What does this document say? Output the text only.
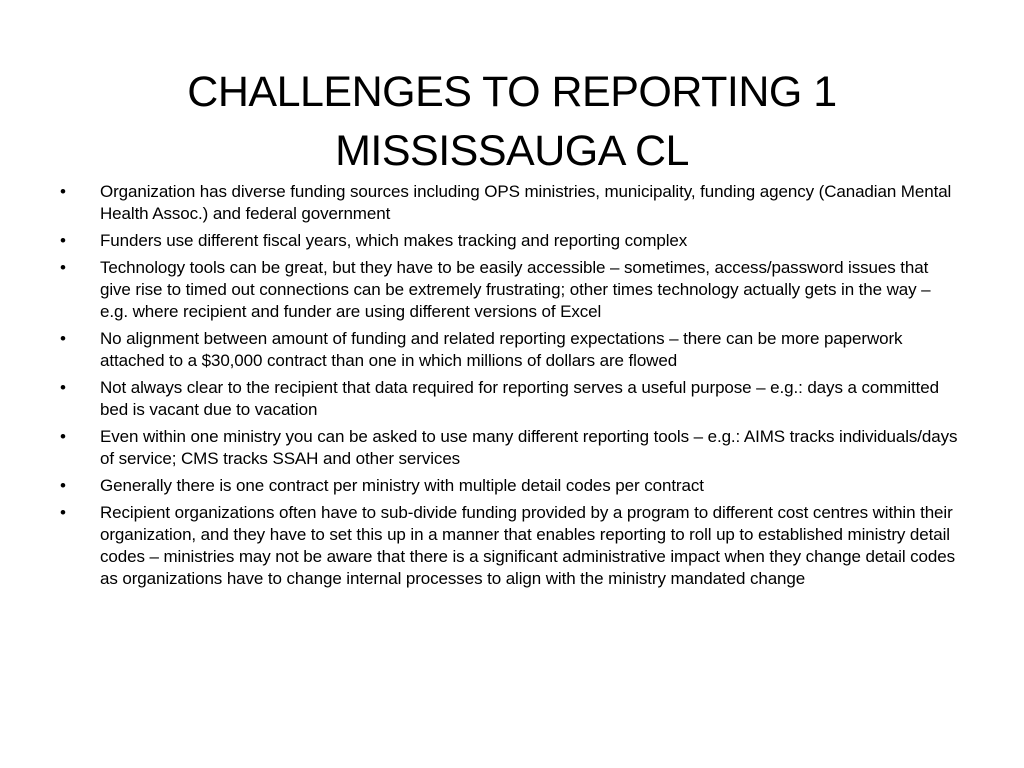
CHALLENGES TO REPORTING 1
MISSISSAUGA CL
•	Organization has diverse funding sources including OPS ministries, municipality, funding agency (Canadian Mental Health Assoc.) and federal government
•	Funders use different fiscal years, which makes tracking and reporting complex
•	Technology tools can be great, but they have to be easily accessible – sometimes, access/password issues that give rise to timed out connections can be extremely frustrating; other times technology actually gets in the way – e.g. where recipient and funder are using different versions of Excel
•	No alignment between amount of funding and related reporting expectations – there can be more paperwork attached to a $30,000 contract than one in which millions of dollars are flowed
•	Not always clear to the recipient that data required for reporting serves a useful purpose – e.g.: days a committed bed is vacant due to vacation
•	Even within one ministry you can be asked to use many different reporting tools – e.g.: AIMS tracks individuals/days of service; CMS tracks SSAH and other services
•	Generally there is one contract per ministry with multiple detail codes per contract
•	Recipient organizations often have to sub-divide funding provided by a program to different cost centres within their organization, and they have to set this up in a manner that enables reporting to roll up to established ministry detail codes – ministries may not be aware that there is a significant administrative impact when they change detail codes as organizations have to change internal processes to align with the ministry mandated change
